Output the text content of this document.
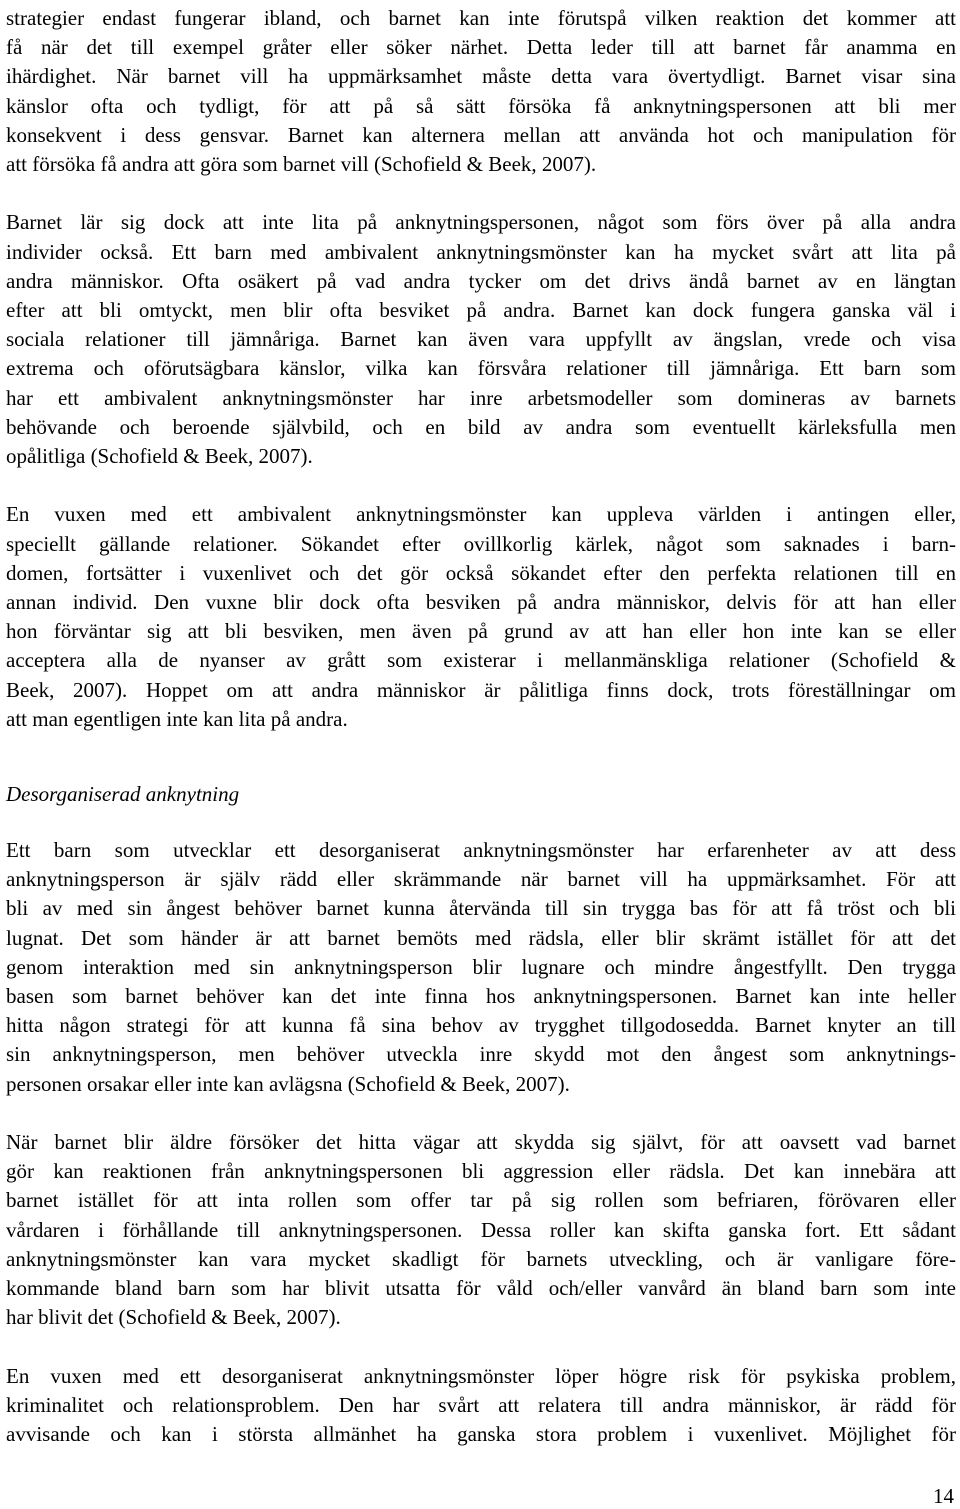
strategier endast fungerar ibland, och barnet kan inte förutspå vilken reaktion det kommer att
få när det till exempel gråter eller söker närhet. Detta leder till att barnet får anamma en
ihärdighet. När barnet vill ha uppmärksamhet måste detta vara övertydligt. Barnet visar sina
känslor ofta och tydligt, för att på så sätt försöka få anknytningspersonen att bli mer
konsekvent i dess gensvar. Barnet kan alternera mellan att använda hot och manipulation för
att försöka få andra att göra som barnet vill (Schofield & Beek, 2007).
Barnet lär sig dock att inte lita på anknytningspersonen, något som förs över på alla andra
individer också. Ett barn med ambivalent anknytningsmönster kan ha mycket svårt att lita på
andra människor. Ofta osäkert på vad andra tycker om det drivs ändå barnet av en längtan
efter att bli omtyckt, men blir ofta besviket på andra. Barnet kan dock fungera ganska väl i
sociala relationer till jämnåriga. Barnet kan även vara uppfyllt av ängslan, vrede och visa
extrema och oförutsägbara känslor, vilka kan försvåra relationer till jämnåriga. Ett barn som
har ett ambivalent anknytningsmönster har inre arbetsmodeller som domineras av barnets
behövande och beroende självbild, och en bild av andra som eventuellt kärleksfulla men
opålitliga (Schofield & Beek, 2007).
En vuxen med ett ambivalent anknytningsmönster kan uppleva världen i antingen eller,
speciellt gällande relationer. Sökandet efter ovillkorlig kärlek, något som saknades i barn-
domen, fortsätter i vuxenlivet och det gör också sökandet efter den perfekta relationen till en
annan individ. Den vuxne blir dock ofta besviken på andra människor, delvis för att han eller
hon förväntar sig att bli besviken, men även på grund av att han eller hon inte kan se eller
acceptera alla de nyanser av grått som existerar i mellanmänskliga relationer (Schofield &
Beek, 2007). Hoppet om att andra människor är pålitliga finns dock, trots föreställningar om
att man egentligen inte kan lita på andra.

Desorganiserad anknytning

Ett barn som utvecklar ett desorganiserat anknytningsmönster har erfarenheter av att dess
anknytningsperson är själv rädd eller skrämmande när barnet vill ha uppmärksamhet. För att
bli av med sin ångest behöver barnet kunna återvända till sin trygga bas för att få tröst och bli
lugnat. Det som händer är att barnet bemöts med rädsla, eller blir skrämt istället för att det
genom interaktion med sin anknytningsperson blir lugnare och mindre ångestfyllt. Den trygga
basen som barnet behöver kan det inte finna hos anknytningspersonen. Barnet kan inte heller
hitta någon strategi för att kunna få sina behov av trygghet tillgodosedda. Barnet knyter an till
sin anknytningsperson, men behöver utveckla inre skydd mot den ångest som anknytnings-
personen orsakar eller inte kan avlägsna (Schofield & Beek, 2007).
När barnet blir äldre försöker det hitta vägar att skydda sig självt, för att oavsett vad barnet
gör kan reaktionen från anknytningspersonen bli aggression eller rädsla. Det kan innebära att
barnet istället för att inta rollen som offer tar på sig rollen som befriaren, förövaren eller
vårdaren i förhållande till anknytningspersonen. Dessa roller kan skifta ganska fort. Ett sådant
anknytningsmönster kan vara mycket skadligt för barnets utveckling, och är vanligare före-
kommande bland barn som har blivit utsatta för våld och/eller vanvård än bland barn som inte
har blivit det (Schofield & Beek, 2007).
En vuxen med ett desorganiserat anknytningsmönster löper högre risk för psykiska problem,
kriminalitet och relationsproblem. Den har svårt att relatera till andra människor, är rädd för
avvisande och kan i största allmänhet ha ganska stora problem i vuxenlivet. Möjlighet för

14
